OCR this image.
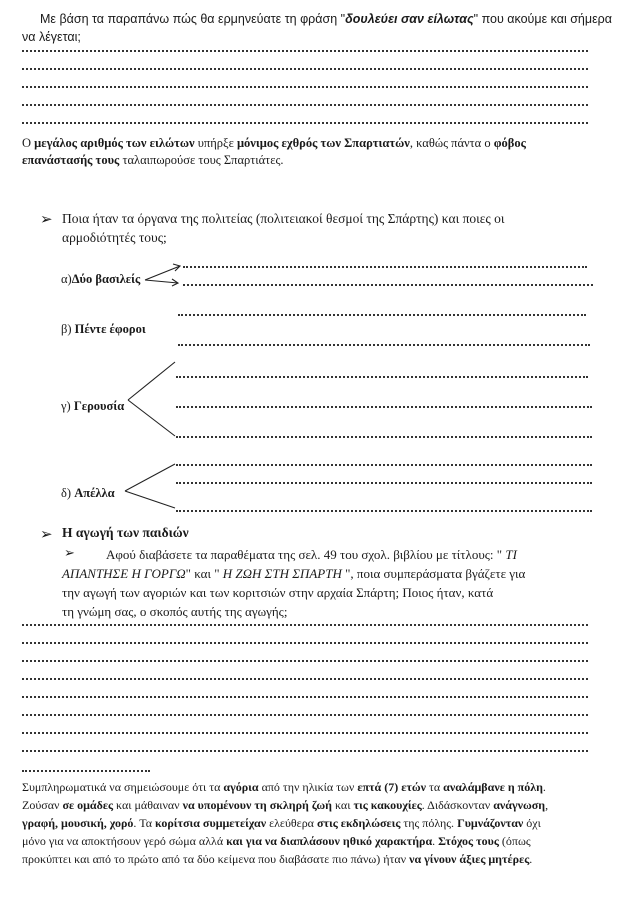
Με βάση τα παραπάνω πώς θα ερμηνεύατε τη φράση "δουλεύει σαν είλωτας" που ακούμε και σήμερα
να λέγεται;
Ο μεγάλος αριθμός των ειλώτων υπήρξε μόνιμος εχθρός των Σπαρτιατών, καθώς πάντα ο φόβος
επανάστασής τους ταλαιπωρούσε τους Σπαρτιάτες.
➢ Ποια ήταν τα όργανα της πολιτείας (πολιτειακοί θεσμοί της Σπάρτης) και ποιες οι
αρμοδιότητές τους;
α)Δύο βασιλείς
β) Πέντε έφοροι
γ) Γερουσία
δ) Απέλλα
➢ Η αγωγή των παιδιών
➢	Αφού διαβάσετε τα παραθέματα της σελ. 49 του σχολ. βιβλίου με τίτλους: " ΤΙ
ΑΠΑΝΤΗΣΕ Η ΓΟΡΓΩ" και " Η ΖΩΗ ΣΤΗ ΣΠΑΡΤΗ ", ποια συμπεράσματα βγάζετε για
την αγωγή των αγοριών και των κοριτσιών στην αρχαία Σπάρτη; Ποιος ήταν, κατά
τη γνώμη σας, ο σκοπός αυτής της αγωγής;
Συμπληρωματικά να σημειώσουμε ότι τα αγόρια από την ηλικία των επτά (7) ετών τα αναλάμβανε η πόλη.
Ζούσαν σε ομάδες και μάθαιναν να υπομένουν τη σκληρή ζωή και τις κακουχίες. Διδάσκονταν ανάγνωση,
γραφή, μουσική, χορό. Τα κορίτσια συμμετείχαν ελεύθερα στις εκδηλώσεις της πόλης. Γυμνάζονταν όχι
μόνο για να αποκτήσουν γερό σώμα αλλά και για να διαπλάσουν ηθικό χαρακτήρα. Στόχος τους (όπως
προκύπτει και από το πρώτο από τα δύο κείμενα που διαβάσατε πιο πάνω) ήταν να γίνουν άξιες μητέρες.
